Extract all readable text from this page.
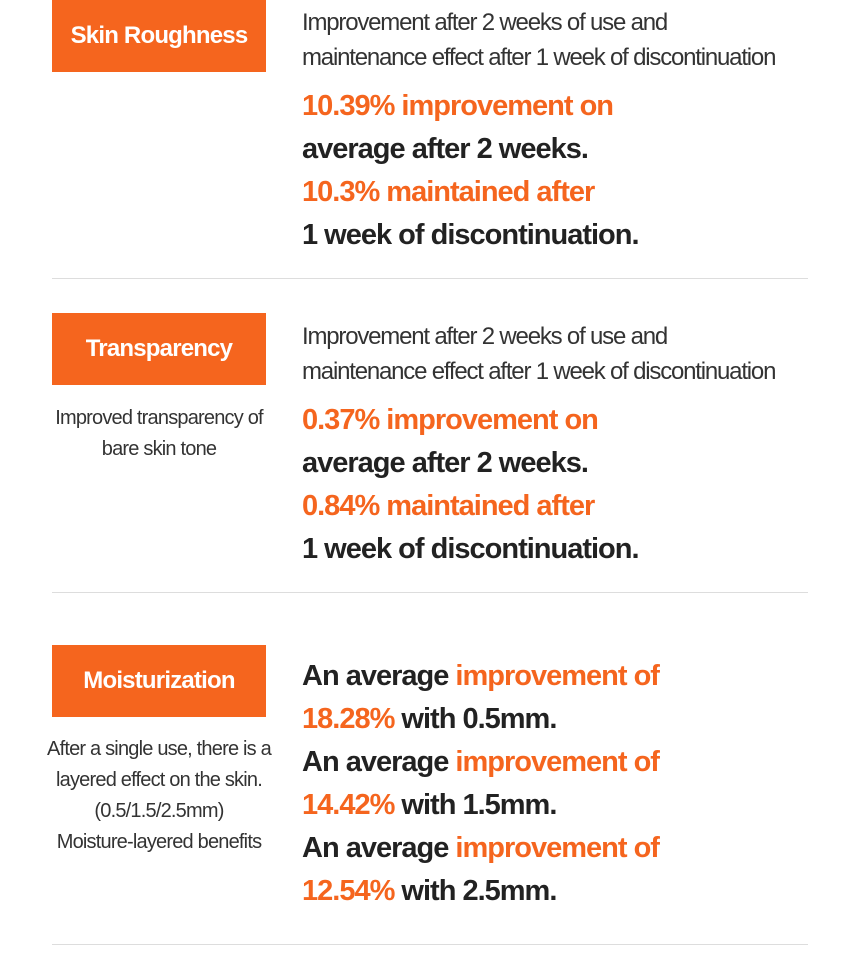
Skin Roughness	Improvement after 2 weeks of use and
maintenance effect after 1 week of discontinuation
10.39% improvement on
average after 2 weeks.
10.3% maintained after
1 week of discontinuation.
Transparency
Improved transparency of
bare skin tone
Improvement after 2 weeks of use and
maintenance effect after 1 week of discontinuation
0.37% improvement on
average after 2 weeks.
0.84% maintained after
1 week of discontinuation.
Moisturization
After a single use, there is a
layered effect on the skin.
(0.5/1.5/2.5mm)
Moisture-layered benefits
An average improvement of
18.28% with 0.5mm.
An average improvement of
14.42% with 1.5mm.
An average improvement of
12.54% with 2.5mm.
